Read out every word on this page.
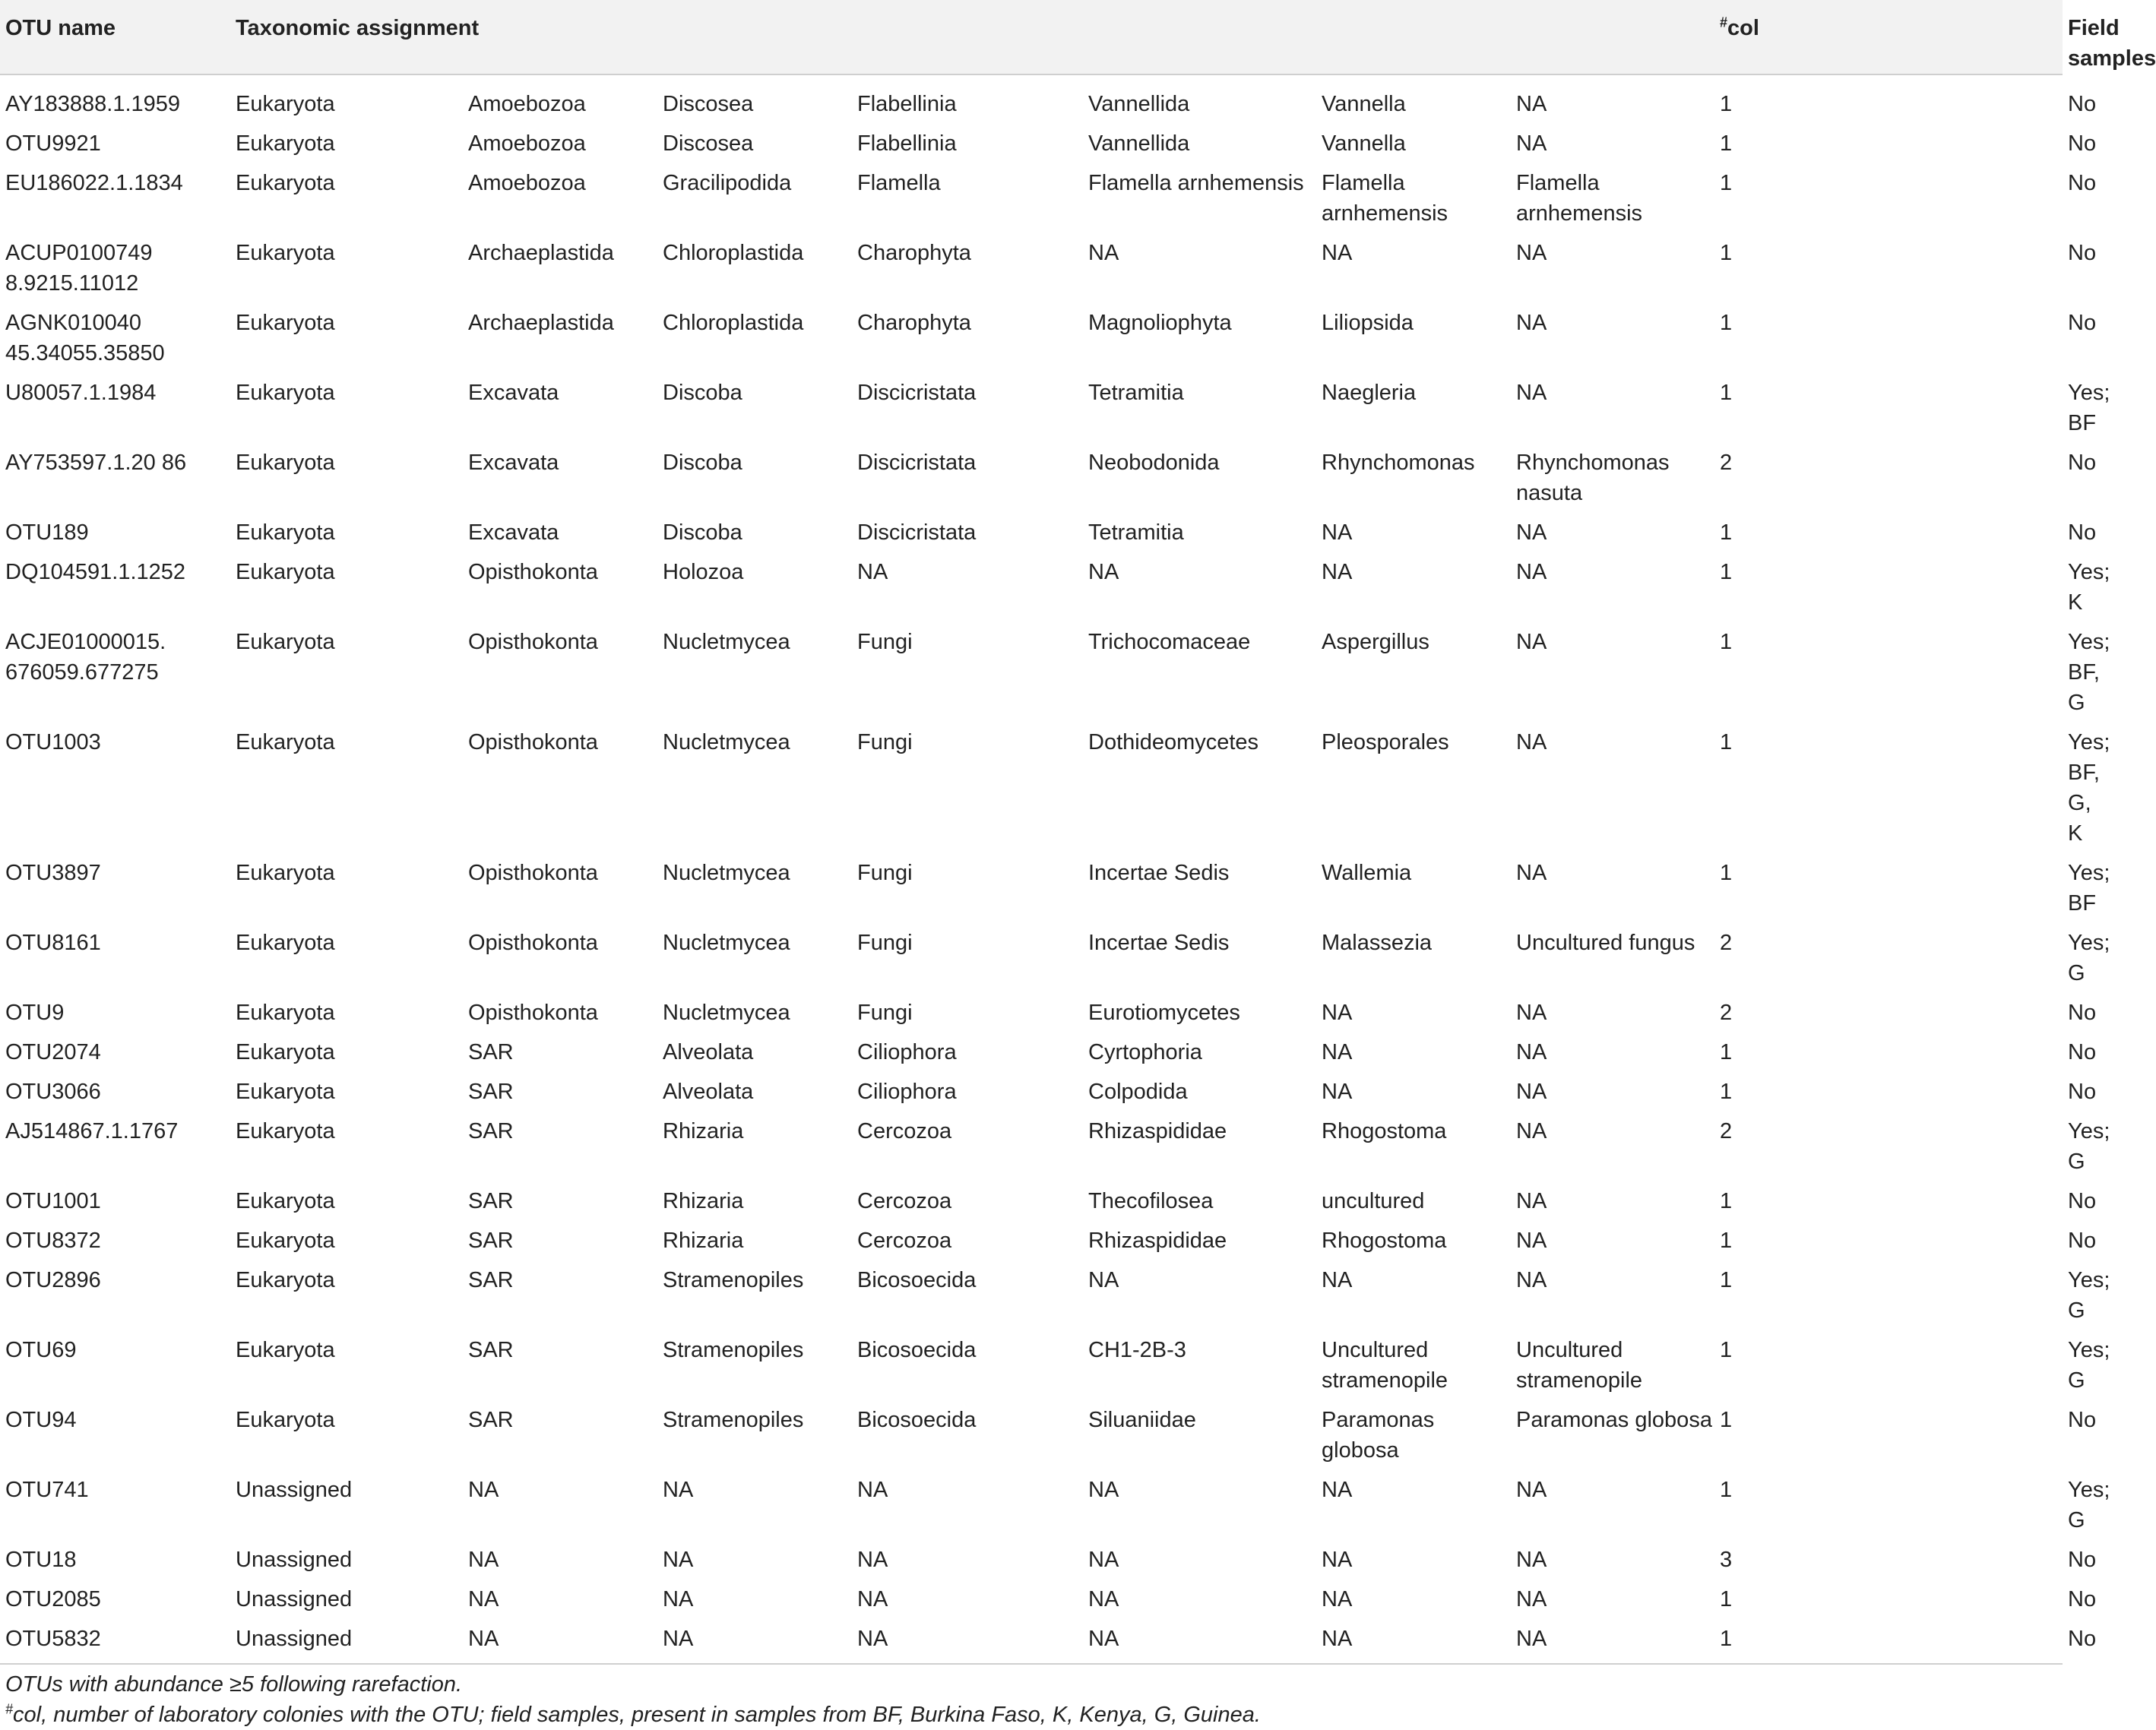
OTU name	Taxonomic assignment							#col	Field samples
AY183888.1.1959	Eukaryota	Amoebozoa	Discosea	Flabellinia	Vannellida	Vannella	NA	1	No
OTU9921	Eukaryota	Amoebozoa	Discosea	Flabellinia	Vannellida	Vannella	NA	1	No
EU186022.1.1834	Eukaryota	Amoebozoa	Gracilipodida	Flamella	Flamella arnhemensis	Flamella arnhemensis	Flamella arnhemensis	1	No
ACUP0100749 8.9215.11012	Eukaryota	Archaeplastida	Chloroplastida	Charophyta	NA	NA	NA	1	No
AGNK010040 45.34055.35850	Eukaryota	Archaeplastida	Chloroplastida	Charophyta	Magnoliophyta	Liliopsida	NA	1	No
U80057.1.1984	Eukaryota	Excavata	Discoba	Discicristata	Tetramitia	Naegleria	NA	1	Yes; BF
AY753597.1.20 86	Eukaryota	Excavata	Discoba	Discicristata	Neobodonida	Rhynchomonas	Rhynchomonas nasuta	2	No
OTU189	Eukaryota	Excavata	Discoba	Discicristata	Tetramitia	NA	NA	1	No
DQ104591.1.1252	Eukaryota	Opisthokonta	Holozoa	NA	NA	NA	NA	1	Yes; K
ACJE01000015. 676059.677275	Eukaryota	Opisthokonta	Nucletmycea	Fungi	Trichocomaceae	Aspergillus	NA	1	Yes; BF, G
OTU1003	Eukaryota	Opisthokonta	Nucletmycea	Fungi	Dothideomycetes	Pleosporales	NA	1	Yes; BF, G, K
OTU3897	Eukaryota	Opisthokonta	Nucletmycea	Fungi	Incertae Sedis	Wallemia	NA	1	Yes; BF
OTU8161	Eukaryota	Opisthokonta	Nucletmycea	Fungi	Incertae Sedis	Malassezia	Uncultured fungus	2	Yes; G
OTU9	Eukaryota	Opisthokonta	Nucletmycea	Fungi	Eurotiomycetes	NA	NA	2	No
OTU2074	Eukaryota	SAR	Alveolata	Ciliophora	Cyrtophoria	NA	NA	1	No
OTU3066	Eukaryota	SAR	Alveolata	Ciliophora	Colpodida	NA	NA	1	No
AJ514867.1.1767	Eukaryota	SAR	Rhizaria	Cercozoa	Rhizaspididae	Rhogostoma	NA	2	Yes; G
OTU1001	Eukaryota	SAR	Rhizaria	Cercozoa	Thecofilosea	uncultured	NA	1	No
OTU8372	Eukaryota	SAR	Rhizaria	Cercozoa	Rhizaspididae	Rhogostoma	NA	1	No
OTU2896	Eukaryota	SAR	Stramenopiles	Bicosoecida	NA	NA	NA	1	Yes; G
OTU69	Eukaryota	SAR	Stramenopiles	Bicosoecida	CH1-2B-3	Uncultured stramenopile	Uncultured stramenopile	1	Yes; G
OTU94	Eukaryota	SAR	Stramenopiles	Bicosoecida	Siluaniidae	Paramonas globosa	Paramonas globosa	1	No
OTU741	Unassigned	NA	NA	NA	NA	NA	NA	1	Yes; G
OTU18	Unassigned	NA	NA	NA	NA	NA	NA	3	No
OTU2085	Unassigned	NA	NA	NA	NA	NA	NA	1	No
OTU5832	Unassigned	NA	NA	NA	NA	NA	NA	1	No
OTUs with abundance ≥5 following rarefaction.
#col, number of laboratory colonies with the OTU; field samples, present in samples from BF, Burkina Faso, K, Kenya, G, Guinea.
